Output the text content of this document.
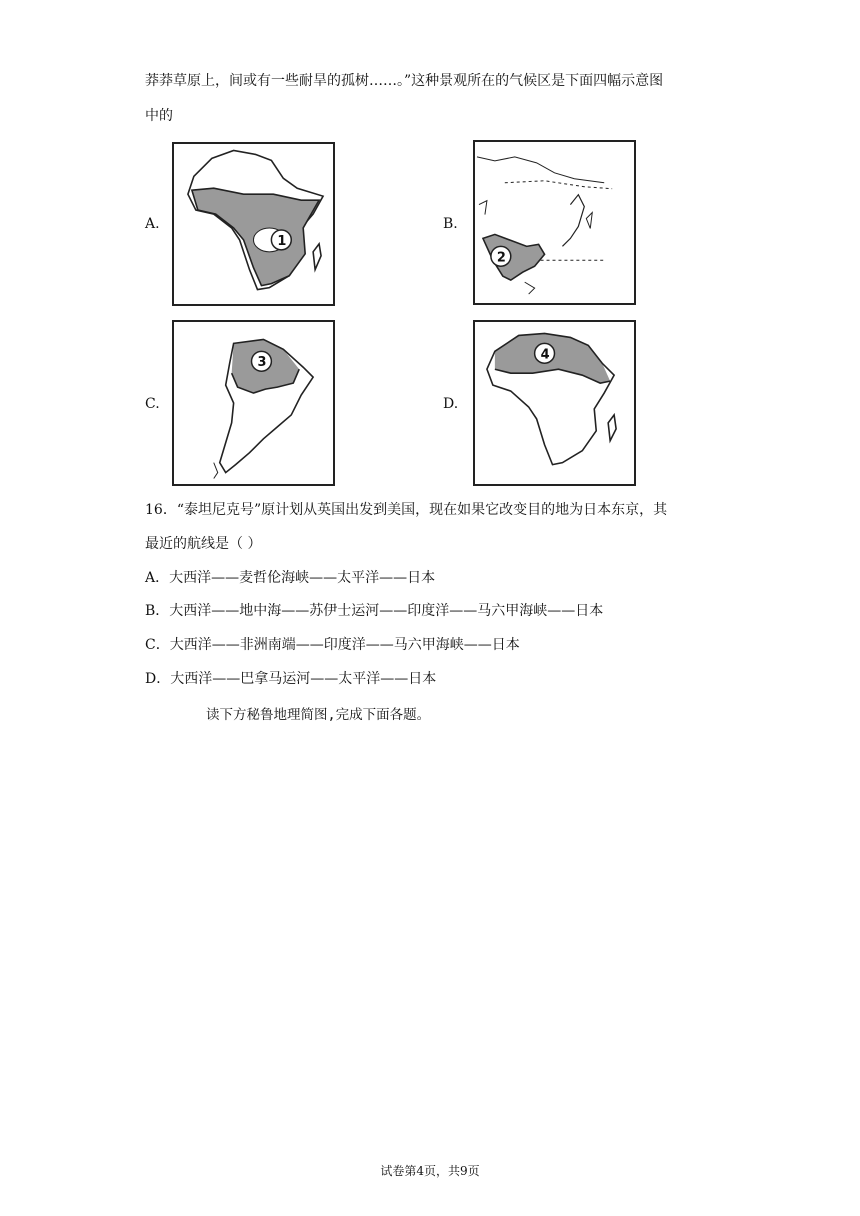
莽莽草原上，间或有一些耐旱的孤树……。”这种景观所在的气候区是下面四幅示意图
中的
A.
1
B.
2
C.
3
D.
4
16．“泰坦尼克号”原计划从英国出发到美国，现在如果它改变目的地为日本东京，其
最近的航线是（ ）
A．大西洋——麦哲伦海峡——太平洋——日本
B．大西洋——地中海——苏伊士运河——印度洋——马六甲海峡——日本
C．大西洋——非洲南端——印度洋——马六甲海峡——日本
D．大西洋——巴拿马运河——太平洋——日本
读下方秘鲁地理简图,完成下面各题。
试卷第4页，共9页
